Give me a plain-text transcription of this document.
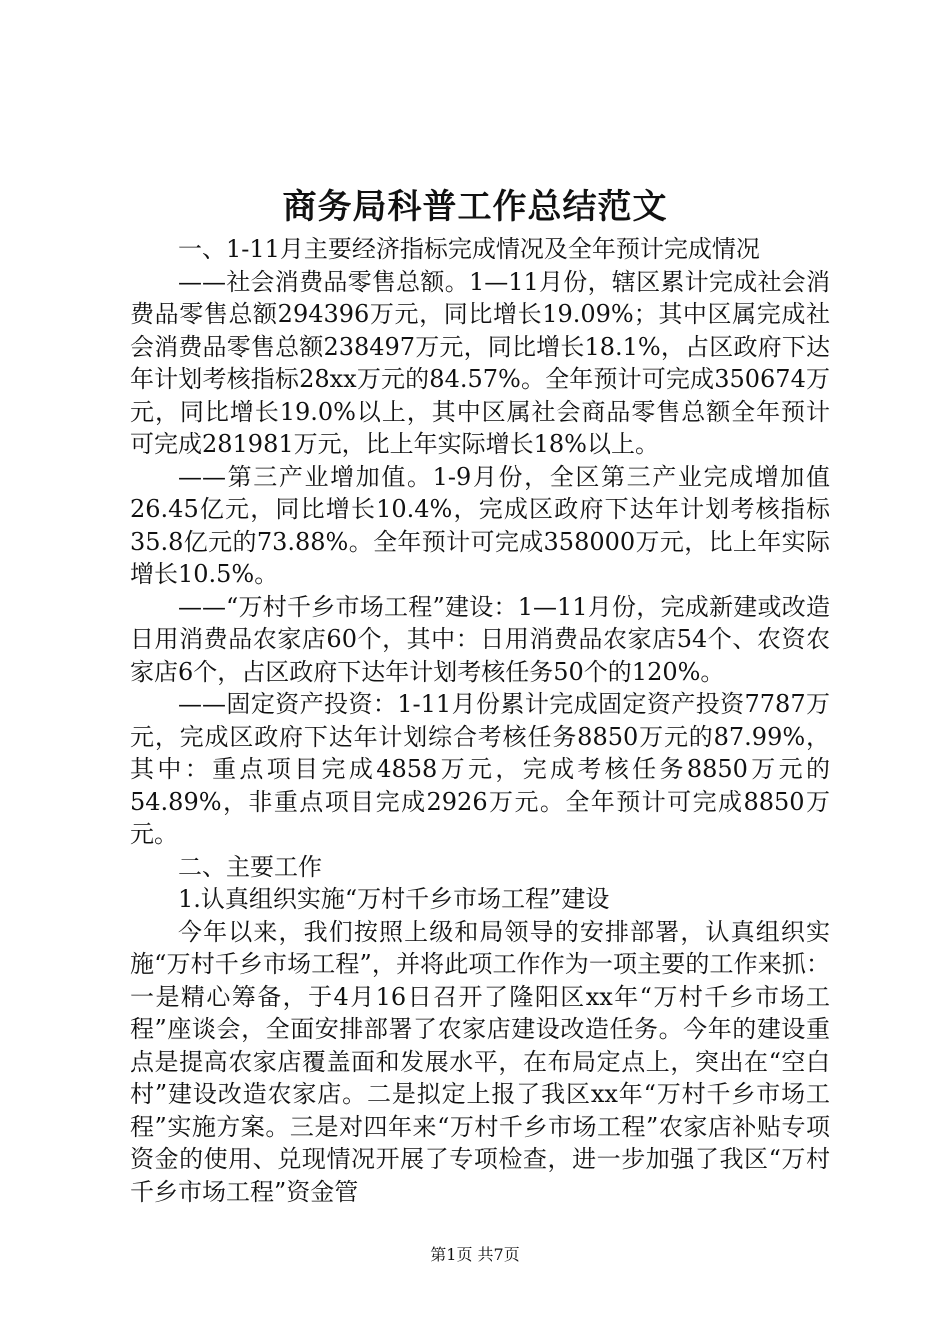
商务局科普工作总结范文

一、1-11月主要经济指标完成情况及全年预计完成情况

——社会消费品零售总额。1—11月份，辖区累计完成社会消费品零售总额294396万元，同比增长19.09%；其中区属完成社会消费品零售总额238497万元，同比增长18.1%，占区政府下达年计划考核指标28xx万元的84.57%。全年预计可完成350674万元，同比增长19.0%以上，其中区属社会商品零售总额全年预计可完成281981万元，比上年实际增长18%以上。

——第三产业增加值。1-9月份，全区第三产业完成增加值26.45亿元，同比增长10.4%，完成区政府下达年计划考核指标35.8亿元的73.88%。全年预计可完成358000万元，比上年实际增长10.5%。

——“万村千乡市场工程”建设：1—11月份，完成新建或改造日用消费品农家店60个，其中：日用消费品农家店54个、农资农家店6个，占区政府下达年计划考核任务50个的120%。

——固定资产投资：1-11月份累计完成固定资产投资7787万元，完成区政府下达年计划综合考核任务8850万元的87.99%，其中：重点项目完成4858万元，完成考核任务8850万元的54.89%，非重点项目完成2926万元。全年预计可完成8850万元。

二、主要工作

1.认真组织实施“万村千乡市场工程”建设

今年以来，我们按照上级和局领导的安排部署，认真组织实施“万村千乡市场工程”，并将此项工作作为一项主要的工作来抓：一是精心筹备，于4月16日召开了隆阳区xx年“万村千乡市场工程”座谈会，全面安排部署了农家店建设改造任务。今年的建设重点是提高农家店覆盖面和发展水平，在布局定点上，突出在“空白村”建设改造农家店。二是拟定上报了我区xx年“万村千乡市场工程”实施方案。三是对四年来“万村千乡市场工程”农家店补贴专项资金的使用、兑现情况开展了专项检查，进一步加强了我区“万村千乡市场工程”资金管

第1页 共7页
